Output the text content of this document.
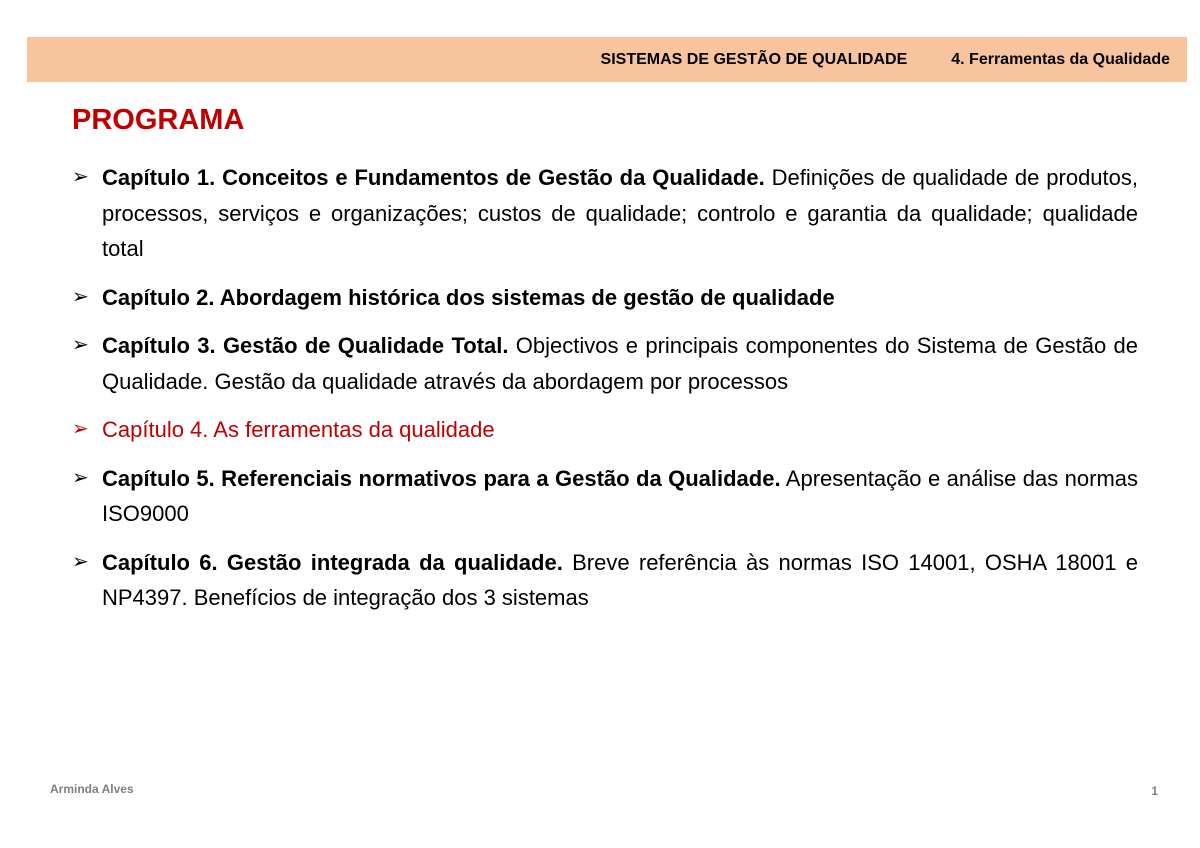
SISTEMAS DE GESTÃO DE QUALIDADE	4. Ferramentas da Qualidade
PROGRAMA
➢ Capítulo 1. Conceitos e Fundamentos de Gestão da Qualidade. Definições de qualidade de produtos, processos, serviços e organizações; custos de qualidade; controlo e garantia da qualidade; qualidade total
➢ Capítulo 2. Abordagem histórica dos sistemas de gestão de qualidade
➢ Capítulo 3. Gestão de Qualidade Total. Objectivos e principais componentes do Sistema de Gestão de Qualidade. Gestão da qualidade através da abordagem por processos
➢ Capítulo 4. As ferramentas da qualidade
➢ Capítulo 5. Referenciais normativos para a Gestão da Qualidade. Apresentação e análise das normas ISO9000
➢ Capítulo 6. Gestão integrada da qualidade. Breve referência às normas ISO 14001, OSHA 18001 e NP4397. Benefícios de integração dos 3 sistemas
Arminda Alves	1
